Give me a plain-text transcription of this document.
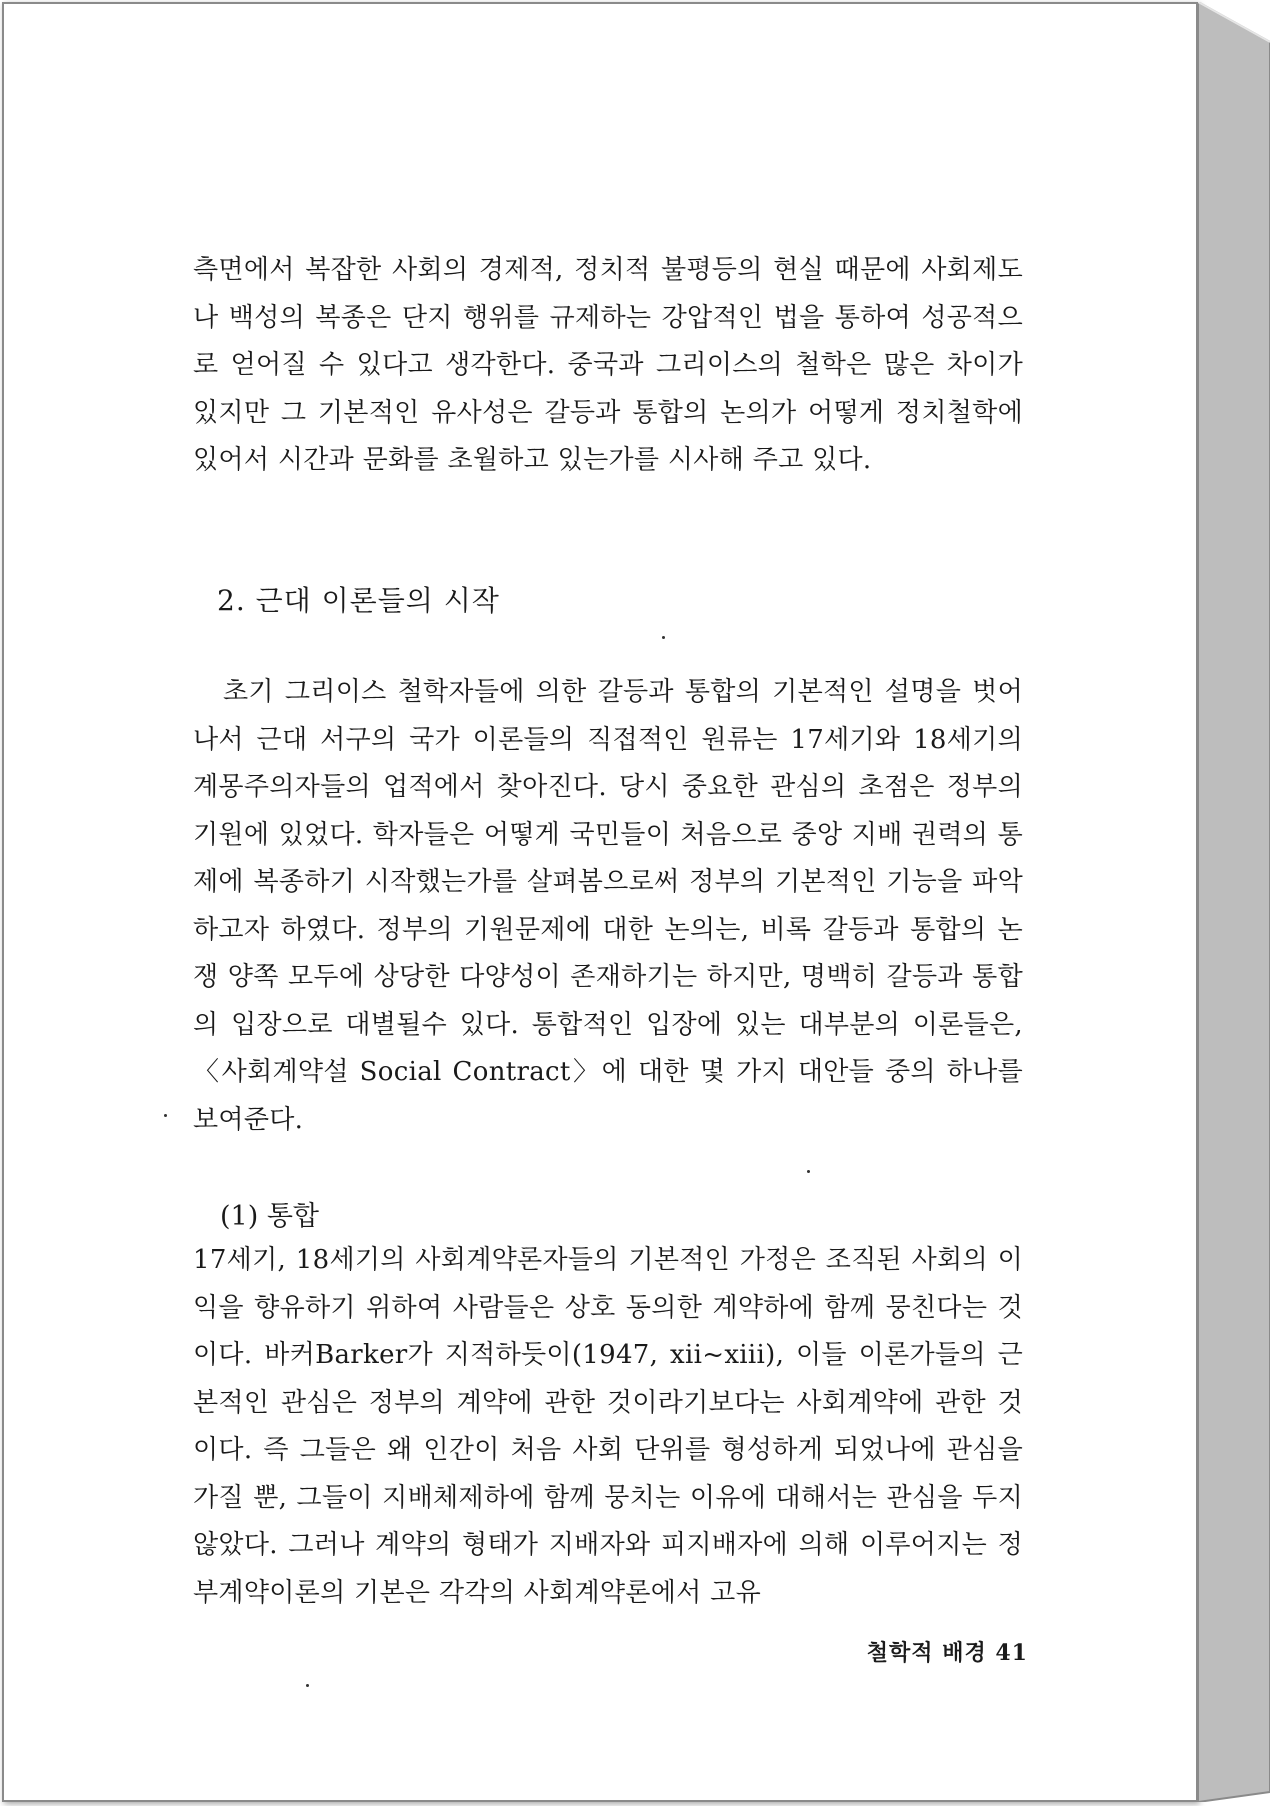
측면에서 복잡한 사회의 경제적, 정치적 불평등의 현실 때문에 사회제도나 백성의 복종은 단지 행위를 규제하는 강압적인 법을 통하여 성공적으로 얻어질 수 있다고 생각한다. 중국과 그리이스의 철학은 많은 차이가 있지만 그 기본적인 유사성은 갈등과 통합의 논의가 어떻게 정치철학에 있어서 시간과 문화를 초월하고 있는가를 시사해 주고 있다.

2. 근대 이론들의 시작

초기 그리이스 철학자들에 의한 갈등과 통합의 기본적인 설명을 벗어나서 근대 서구의 국가 이론들의 직접적인 원류는 17세기와 18세기의 계몽주의자들의 업적에서 찾아진다. 당시 중요한 관심의 초점은 정부의 기원에 있었다. 학자들은 어떻게 국민들이 처음으로 중앙 지배 권력의 통제에 복종하기 시작했는가를 살펴봄으로써 정부의 기본적인 기능을 파악하고자 하였다. 정부의 기원문제에 대한 논의는, 비록 갈등과 통합의 논쟁 양쪽 모두에 상당한 다양성이 존재하기는 하지만, 명백히 갈등과 통합의 입장으로 대별될수 있다. 통합적인 입장에 있는 대부분의 이론들은, 〈사회계약설 Social Contract〉에 대한 몇 가지 대안들 중의 하나를 보여준다.

(1) 통합

17세기, 18세기의 사회계약론자들의 기본적인 가정은 조직된 사회의 이익을 향유하기 위하여 사람들은 상호 동의한 계약하에 함께 뭉친다는 것이다. 바커Barker가 지적하듯이(1947, xii~xiii), 이들 이론가들의 근본적인 관심은 정부의 계약에 관한 것이라기보다는 사회계약에 관한 것이다. 즉 그들은 왜 인간이 처음 사회 단위를 형성하게 되었나에 관심을 가질 뿐, 그들이 지배체제하에 함께 뭉치는 이유에 대해서는 관심을 두지 않았다. 그러나 계약의 형태가 지배자와 피지배자에 의해 이루어지는 정부계약이론의 기본은 각각의 사회계약론에서 고유

철학적 배경 41
